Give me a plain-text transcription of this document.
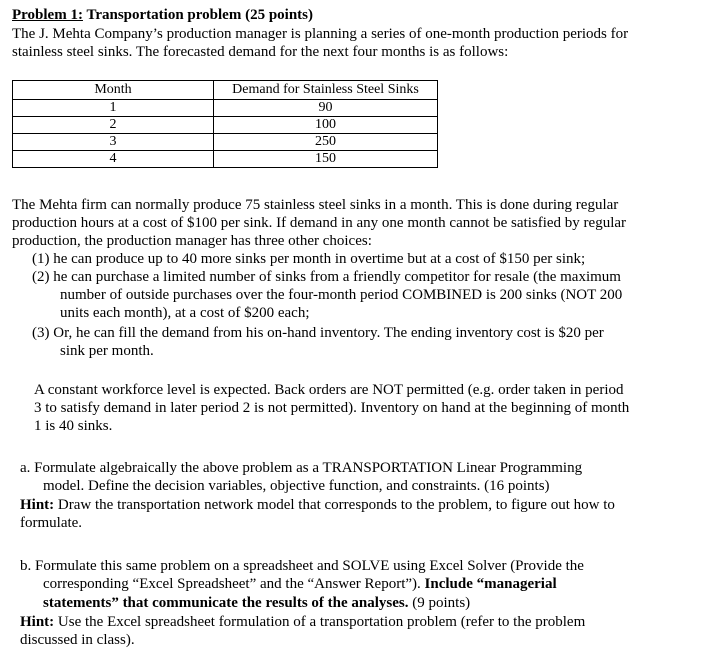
Problem 1: Transportation problem (25 points)
The J. Mehta Company’s production manager is planning a series of one-month production periods for
stainless steel sinks. The forecasted demand for the next four months is as follows:
Month	Demand for Stainless Steel Sinks
1	90
2	100
3	250
4	150
The Mehta firm can normally produce 75 stainless steel sinks in a month. This is done during regular
production hours at a cost of $100 per sink. If demand in any one month cannot be satisfied by regular
production, the production manager has three other choices:
(1) he can produce up to 40 more sinks per month in overtime but at a cost of $150 per sink;
(2) he can purchase a limited number of sinks from a friendly competitor for resale (the maximum
number of outside purchases over the four-month period COMBINED is 200 sinks (NOT 200
units each month), at a cost of $200 each;
(3) Or, he can fill the demand from his on-hand inventory. The ending inventory cost is $20 per
sink per month.
A constant workforce level is expected. Back orders are NOT permitted (e.g. order taken in period
3 to satisfy demand in later period 2 is not permitted). Inventory on hand at the beginning of month
1 is 40 sinks.
a. Formulate algebraically the above problem as a TRANSPORTATION Linear Programming
model. Define the decision variables, objective function, and constraints. (16 points)
Hint: Draw the transportation network model that corresponds to the problem, to figure out how to
formulate.
b. Formulate this same problem on a spreadsheet and SOLVE using Excel Solver (Provide the
corresponding “Excel Spreadsheet” and the “Answer Report”). Include “managerial
statements” that communicate the results of the analyses. (9 points)
Hint: Use the Excel spreadsheet formulation of a transportation problem (refer to the problem
discussed in class).
